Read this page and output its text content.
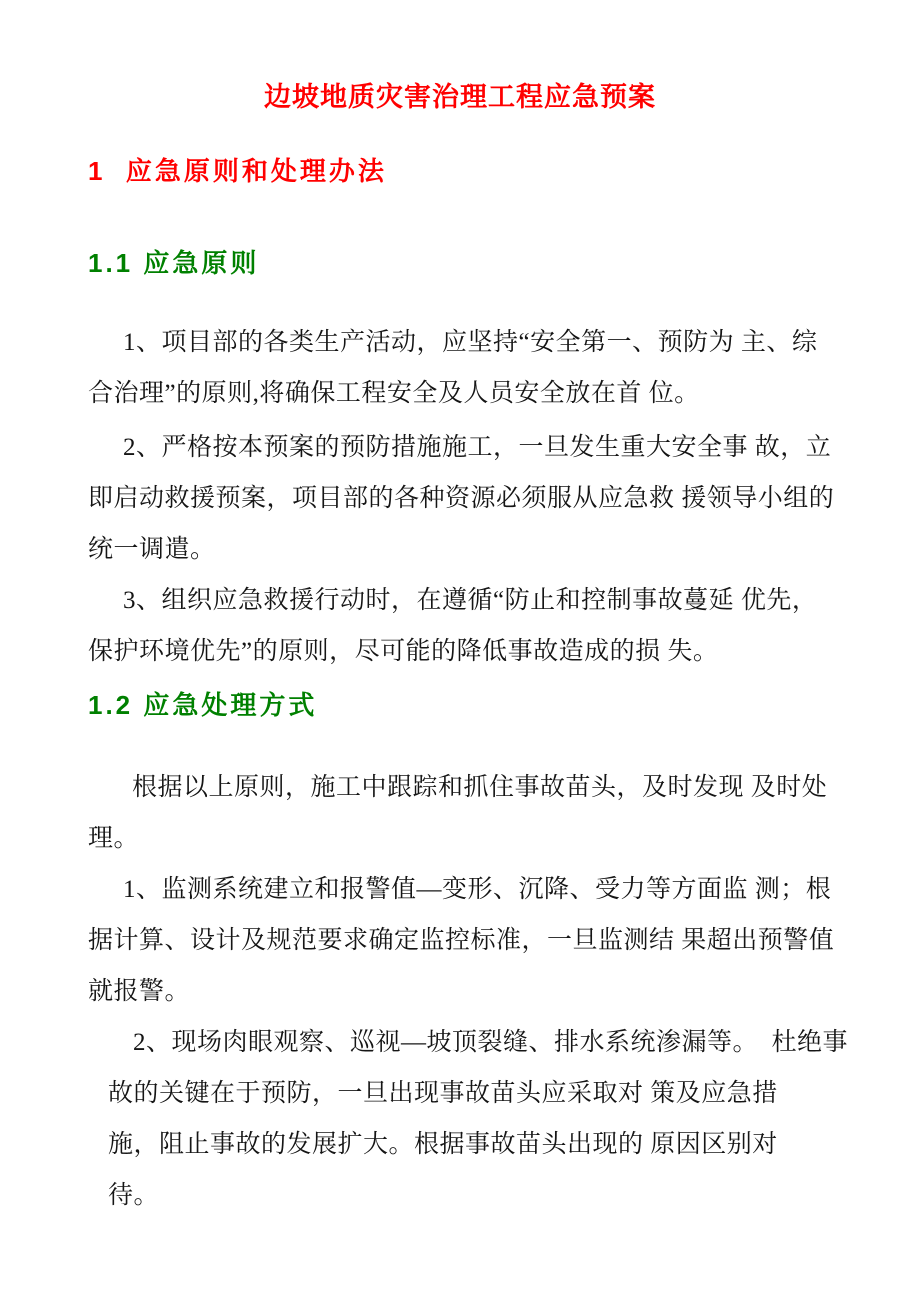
边坡地质灾害治理工程应急预案
1  应急原则和处理办法
1.1 应急原则
1、项目部的各类生产活动，应坚持“安全第一、预防为 主、综
合治理”的原则,将确保工程安全及人员安全放在首 位。
2、严格按本预案的预防措施施工，一旦发生重大安全事 故，立
即启动救援预案，项目部的各种资源必须服从应急救 援领导小组的
统一调遣。
3、组织应急救援行动时，在遵循“防止和控制事故蔓延 优先，
保护环境优先”的原则，尽可能的降低事故造成的损 失。
1.2 应急处理方式
根据以上原则，施工中跟踪和抓住事故苗头，及时发现 及时处
理。
1、监测系统建立和报警值—变形、沉降、受力等方面监 测；根
据计算、设计及规范要求确定监控标准，一旦监测结 果超出预警值
就报警。
2、现场肉眼观察、巡视—坡顶裂缝、排水系统渗漏等。  杜绝事
故的关键在于预防，一旦出现事故苗头应采取对 策及应急措
施，阻止事故的发展扩大。根据事故苗头出现的 原因区别对
待。
